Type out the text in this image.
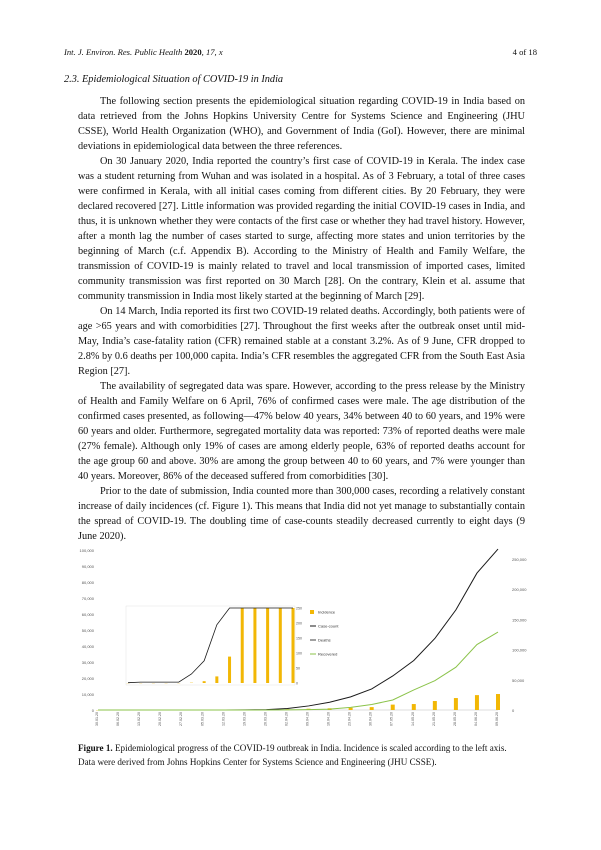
Int. J. Environ. Res. Public Health 2020, 17, x	4 of 18
2.3. Epidemiological Situation of COVID-19 in India

The following section presents the epidemiological situation regarding COVID-19 in India based on data retrieved from the Johns Hopkins University Centre for Systems Science and Engineering (JHU CSSE), World Health Organization (WHO), and Government of India (GoI). However, there are minimal deviations in epidemiological data between the three references.

On 30 January 2020, India reported the country’s first case of COVID-19 in Kerala. The index case was a student returning from Wuhan and was isolated in a hospital. As of 3 February, a total of three cases were confirmed in Kerala, with all initial cases coming from different cities. By 20 February, they were declared recovered [27]. Little information was provided regarding the initial COVID-19 cases in India, and thus, it is unknown whether they were contacts of the first case or whether they had travel history. However, after a month lag the number of cases started to surge, affecting more states and union territories by the beginning of March (c.f. Appendix B). According to the Ministry of Health and Family Welfare, the transmission of COVID-19 is mainly related to travel and local transmission of imported cases, limited community transmission was first reported on 30 March [28]. On the contrary, Klein et al. assume that community transmission in India most likely started at the beginning of March [29].

On 14 March, India reported its first two COVID-19 related deaths. Accordingly, both patients were of age >65 years and with comorbidities [27]. Throughout the first weeks after the outbreak onset until mid-May, India’s case-fatality ration (CFR) remained stable at a constant 3.2%. As of 9 June, CFR dropped to 2.8% by 0.6 deaths per 100,000 capita. India’s CFR resembles the aggregated CFR from the South East Asia Region [27].

The availability of segregated data was spare. However, according to the press release by the Ministry of Health and Family Welfare on 6 April, 76% of confirmed cases were male. The age distribution of the confirmed cases presented, as following—47% below 40 years, 34% between 40 to 60 years, and 19% were 60 years and older. Furthermore, segregated mortality data was reported: 73% of reported deaths were male (27% female). Although only 19% of cases are among elderly people, 63% of reported deaths account for the age group 60 and above. 30% are among the group between 40 to 60 years, and 7% were younger than 40 years. Moreover, 86% of the deceased suffered from comorbidities [30].

Prior to the date of submission, India counted more than 300,000 cases, recording a relatively constant increase of daily incidences (cf. Figure 1). This means that India did not yet manage to substantially contain the spread of COVID-19. The doubling time of case-counts steadily decreased currently to eight days (9 June 2020).

0
10,000
20,000
30,000
40,000
50,000
60,000
70,000
80,000
90,000
100,000
0
50,000
100,000
150,000
200,000
250,000
30.01.20	06.02.20	13.02.20	20.02.20	27.02.20	05.03.20	12.03.20	19.03.20	26.03.20	02.04.20	09.04.20	16.04.20	23.04.20	30.04.20	07.05.20	14.05.20	21.05.20	28.05.20	04.06.20	09.06.20
0
50
100
150
200
250
Incidence
Case-count
Deaths
Recovered
Figure 1. Epidemiological progress of the COVID-19 outbreak in India. Incidence is scaled according to the left axis. Data were derived from Johns Hopkins Center for Systems Science and Engineering (JHU CSSE).
